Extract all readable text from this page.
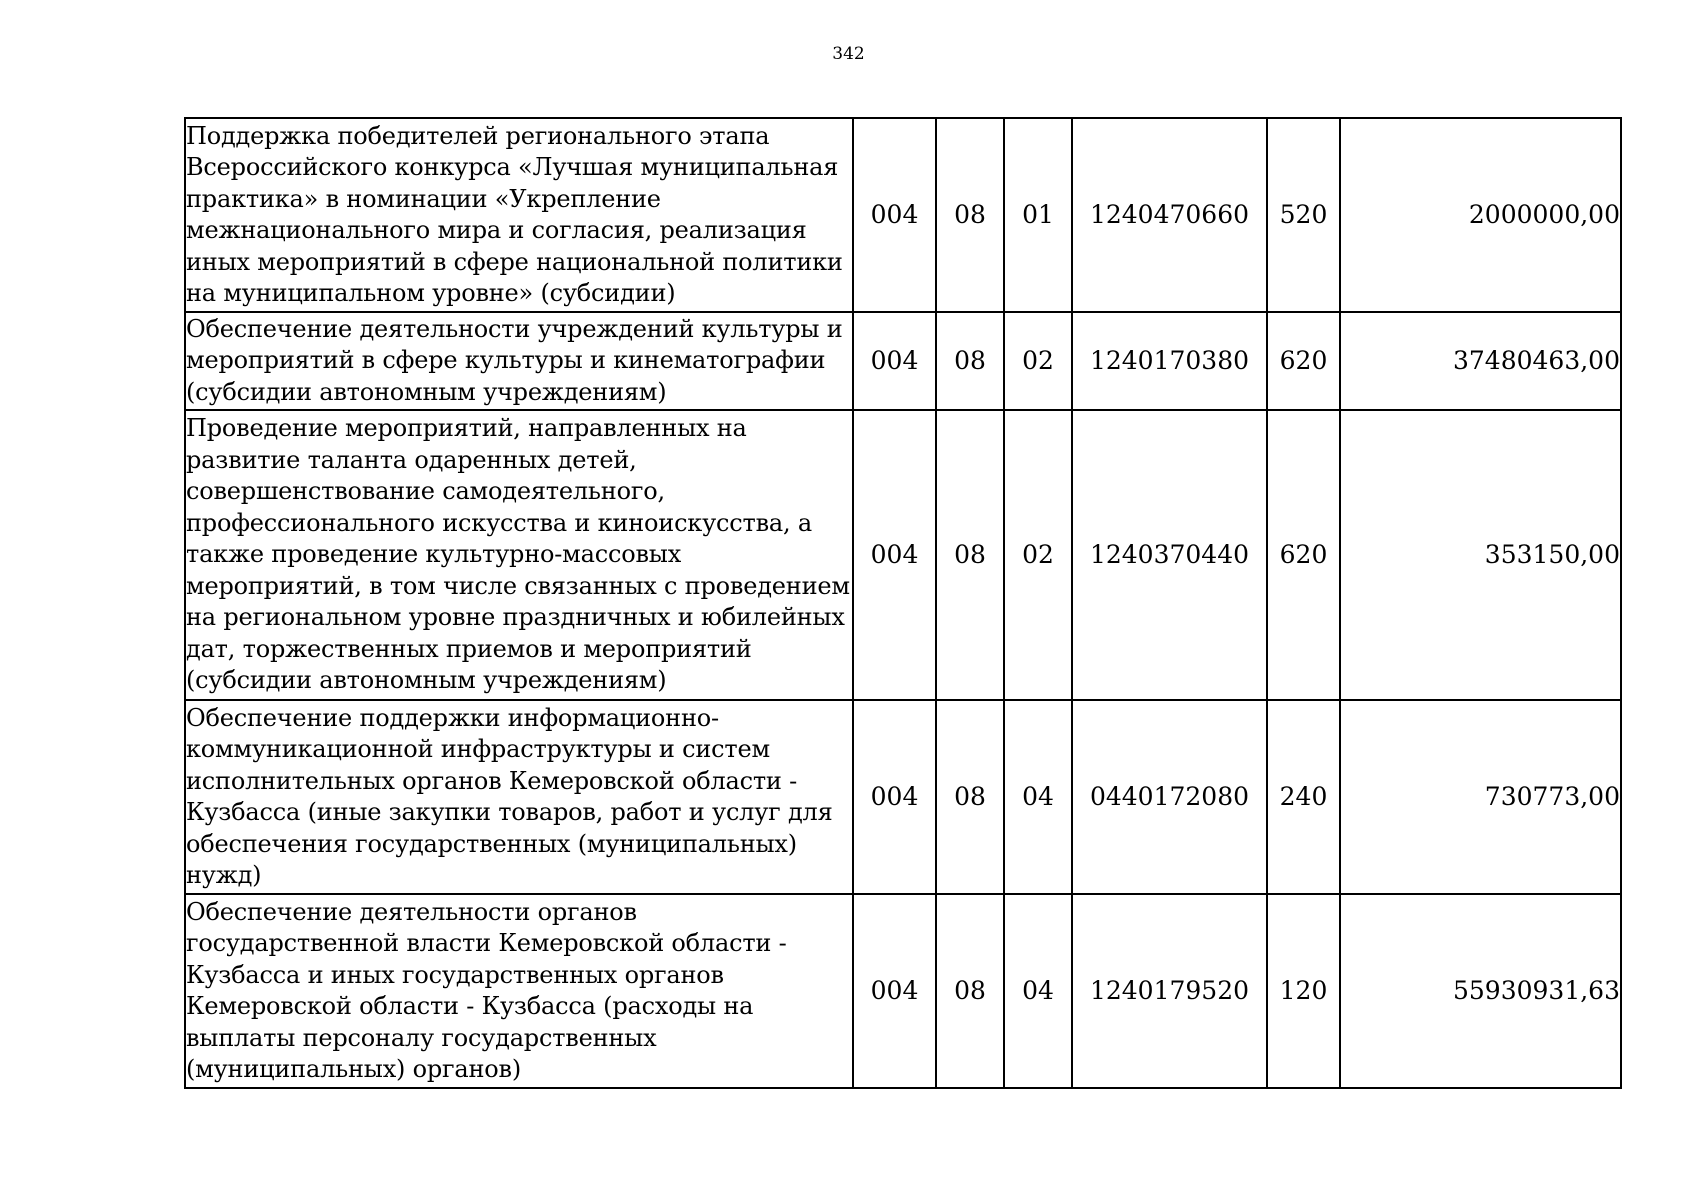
342
Поддержка победителей регионального этапа Всероссийского конкурса «Лучшая муниципальная практика» в номинации «Укрепление межнационального мира и согласия, реализация иных мероприятий в сфере национальной политики на муниципальном уровне» (субсидии)	004	08	01	1240470660	520	2000000,00
Обеспечение деятельности учреждений культуры и мероприятий в сфере культуры и кинематографии (субсидии автономным учреждениям)	004	08	02	1240170380	620	37480463,00
Проведение мероприятий, направленных на развитие таланта одаренных детей, совершенствование самодеятельного, профессионального искусства и киноискусства, а также проведение культурно-массовых мероприятий, в том числе связанных с проведением на региональном уровне праздничных и юбилейных дат, торжественных приемов и мероприятий (субсидии автономным учреждениям)	004	08	02	1240370440	620	353150,00
Обеспечение поддержки информационно-коммуникационной инфраструктуры и систем исполнительных органов Кемеровской области - Кузбасса (иные закупки товаров, работ и услуг для обеспечения государственных (муниципальных) нужд)	004	08	04	0440172080	240	730773,00
Обеспечение деятельности органов государственной власти Кемеровской области - Кузбасса и иных государственных органов Кемеровской области - Кузбасса (расходы на выплаты персоналу государственных (муниципальных) органов)	004	08	04	1240179520	120	55930931,63
